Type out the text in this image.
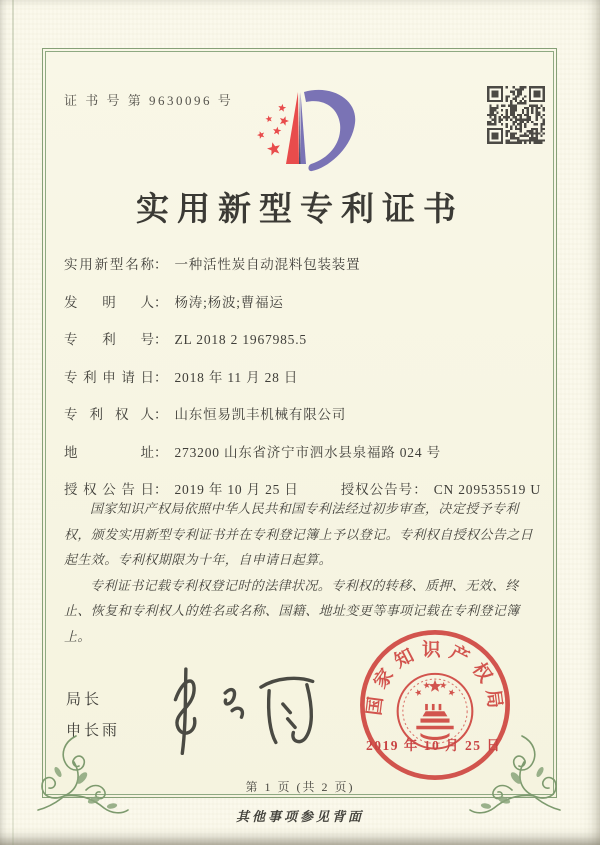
证 书 号 第 9630096 号
实用新型专利证书
实用新型名称： 一种活性炭自动混料包装装置
发明人： 杨涛;杨波;曹福运
专利号： ZL 2018 2 1967985.5
专利申请日： 2018 年 11 月 28 日
专利权人： 山东恒易凯丰机械有限公司
地址： 273200 山东省济宁市泗水县泉福路 024 号
授权公告日： 2019 年 10 月 25 日	授权公告号： CN 209535519 U

国家知识产权局依照中华人民共和国专利法经过初步审查，决定授予专利权，颁发实用新型专利证书并在专利登记簿上予以登记。专利权自授权公告之日起生效。专利权期限为十年，自申请日起算。

专利证书记载专利权登记时的法律状况。专利权的转移、质押、无效、终止、恢复和专利权人的姓名或名称、国籍、地址变更等事项记载在专利登记簿上。

局长
申长雨
国家知识产权局
2019 年 10 月 25 日
第 1 页 (共 2 页)
其他事项参见背面
